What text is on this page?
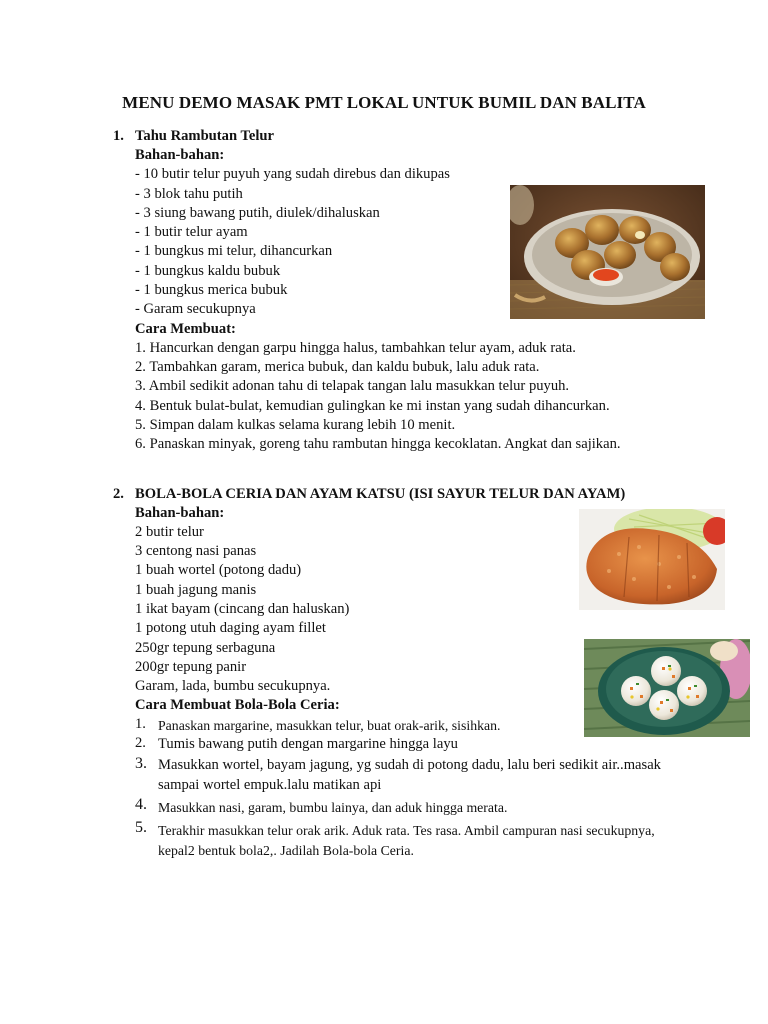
MENU DEMO MASAK PMT LOKAL UNTUK BUMIL DAN BALITA
1. Tahu Rambutan Telur
Bahan-bahan:
- 10 butir telur puyuh yang sudah direbus dan dikupas
- 3 blok tahu putih
- 3 siung bawang putih, diulek/dihaluskan
- 1 butir telur ayam
- 1 bungkus mi telur, dihancurkan
- 1 bungkus kaldu bubuk
- 1 bungkus merica bubuk
- Garam secukupnya
Cara Membuat:
1. Hancurkan dengan garpu hingga halus, tambahkan telur ayam, aduk rata.
2. Tambahkan garam, merica bubuk, dan kaldu bubuk, lalu aduk rata.
3. Ambil sedikit adonan tahu di telapak tangan lalu masukkan telur puyuh.
4. Bentuk bulat-bulat, kemudian gulingkan ke mi instan yang sudah dihancurkan.
5. Simpan dalam kulkas selama kurang lebih 10 menit.
6. Panaskan minyak, goreng tahu rambutan hingga kecoklatan. Angkat dan sajikan.
2. BOLA-BOLA CERIA DAN AYAM KATSU (ISI SAYUR TELUR DAN AYAM)
Bahan-bahan:
2 butir telur
3 centong nasi panas
1 buah wortel (potong dadu)
1 buah jagung manis
1 ikat bayam (cincang dan haluskan)
1 potong utuh daging ayam fillet
250gr tepung serbaguna
200gr tepung panir
Garam, lada, bumbu secukupnya.
Cara Membuat Bola-Bola Ceria:
1. Panaskan margarine, masukkan telur, buat orak-arik, sisihkan.
2. Tumis bawang putih dengan margarine hingga layu
3. Masukkan wortel, bayam jagung, yg sudah di potong dadu, lalu beri sedikit air..masak
sampai wortel empuk.lalu matikan api
4. Masukkan nasi, garam, bumbu lainya, dan aduk hingga merata.
5. Terakhir masukkan telur orak arik. Aduk rata. Tes rasa. Ambil campuran nasi secukupnya,
kepal2 bentuk bola2,. Jadilah Bola-bola Ceria.
